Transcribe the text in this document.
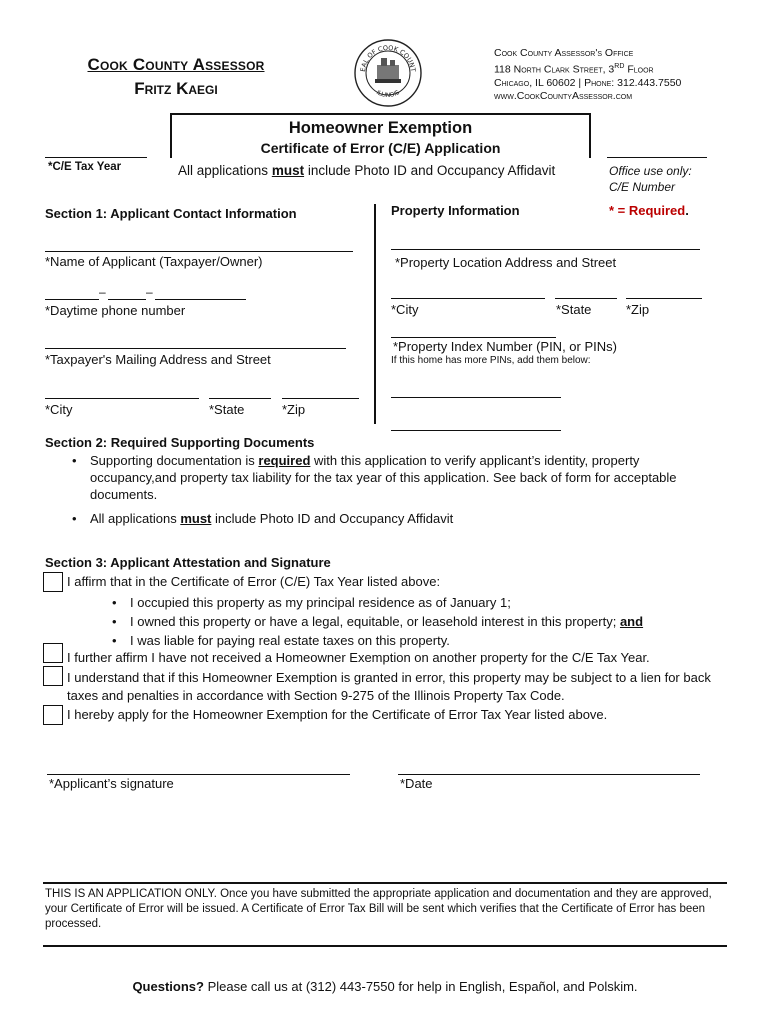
Cook County Assessor
Fritz Kaegi
EAL OF COOK COUNT
ILLINOIS
Cook County Assessor's Office
118 North Clark Street, 3RD Floor
Chicago, IL 60602 | Phone: 312.443.7550
www.CookCountyAssessor.com
Homeowner Exemption
Certificate of Error (C/E) Application
*C/E Tax Year	All applications must include Photo ID and Occupancy Affidavit	Office use only:
C/E Number
Section 1: Applicant Contact Information
*Name of Applicant (Taxpayer/Owner)
–	–
*Daytime phone number
*Taxpayer's Mailing Address and Street
*City	*State	*Zip
Property Information	* = Required.
*Property Location Address and Street
*City	*State	*Zip
*Property Index Number (PIN, or PINs)
If this home has more PINs, add them below:
Section 2: Required Supporting Documents
• Supporting documentation is required with this application to verify applicant’s identity, property occupancy,and property tax liability for the tax year of this application. See back of form for acceptable documents.
• All applications must include Photo ID and Occupancy Affidavit
Section 3: Applicant Attestation and Signature
I affirm that in the Certificate of Error (C/E) Tax Year listed above:
• I occupied this property as my principal residence as of January 1;
• I owned this property or have a legal, equitable, or leasehold interest in this property; and
• I was liable for paying real estate taxes on this property.
I further affirm I have not received a Homeowner Exemption on another property for the C/E Tax Year.
I understand that if this Homeowner Exemption is granted in error, this property may be subject to a lien for back taxes and penalties in accordance with Section 9-275 of the Illinois Property Tax Code.
I hereby apply for the Homeowner Exemption for the Certificate of Error Tax Year listed above.
*Applicant’s signature	*Date
THIS IS AN APPLICATION ONLY. Once you have submitted the appropriate application and documentation and they are approved, your Certificate of Error will be issued. A Certificate of Error Tax Bill will be sent which verifies that the Certificate of Error has been processed.
Questions? Please call us at (312) 443-7550 for help in English, Español, and Polskim.
